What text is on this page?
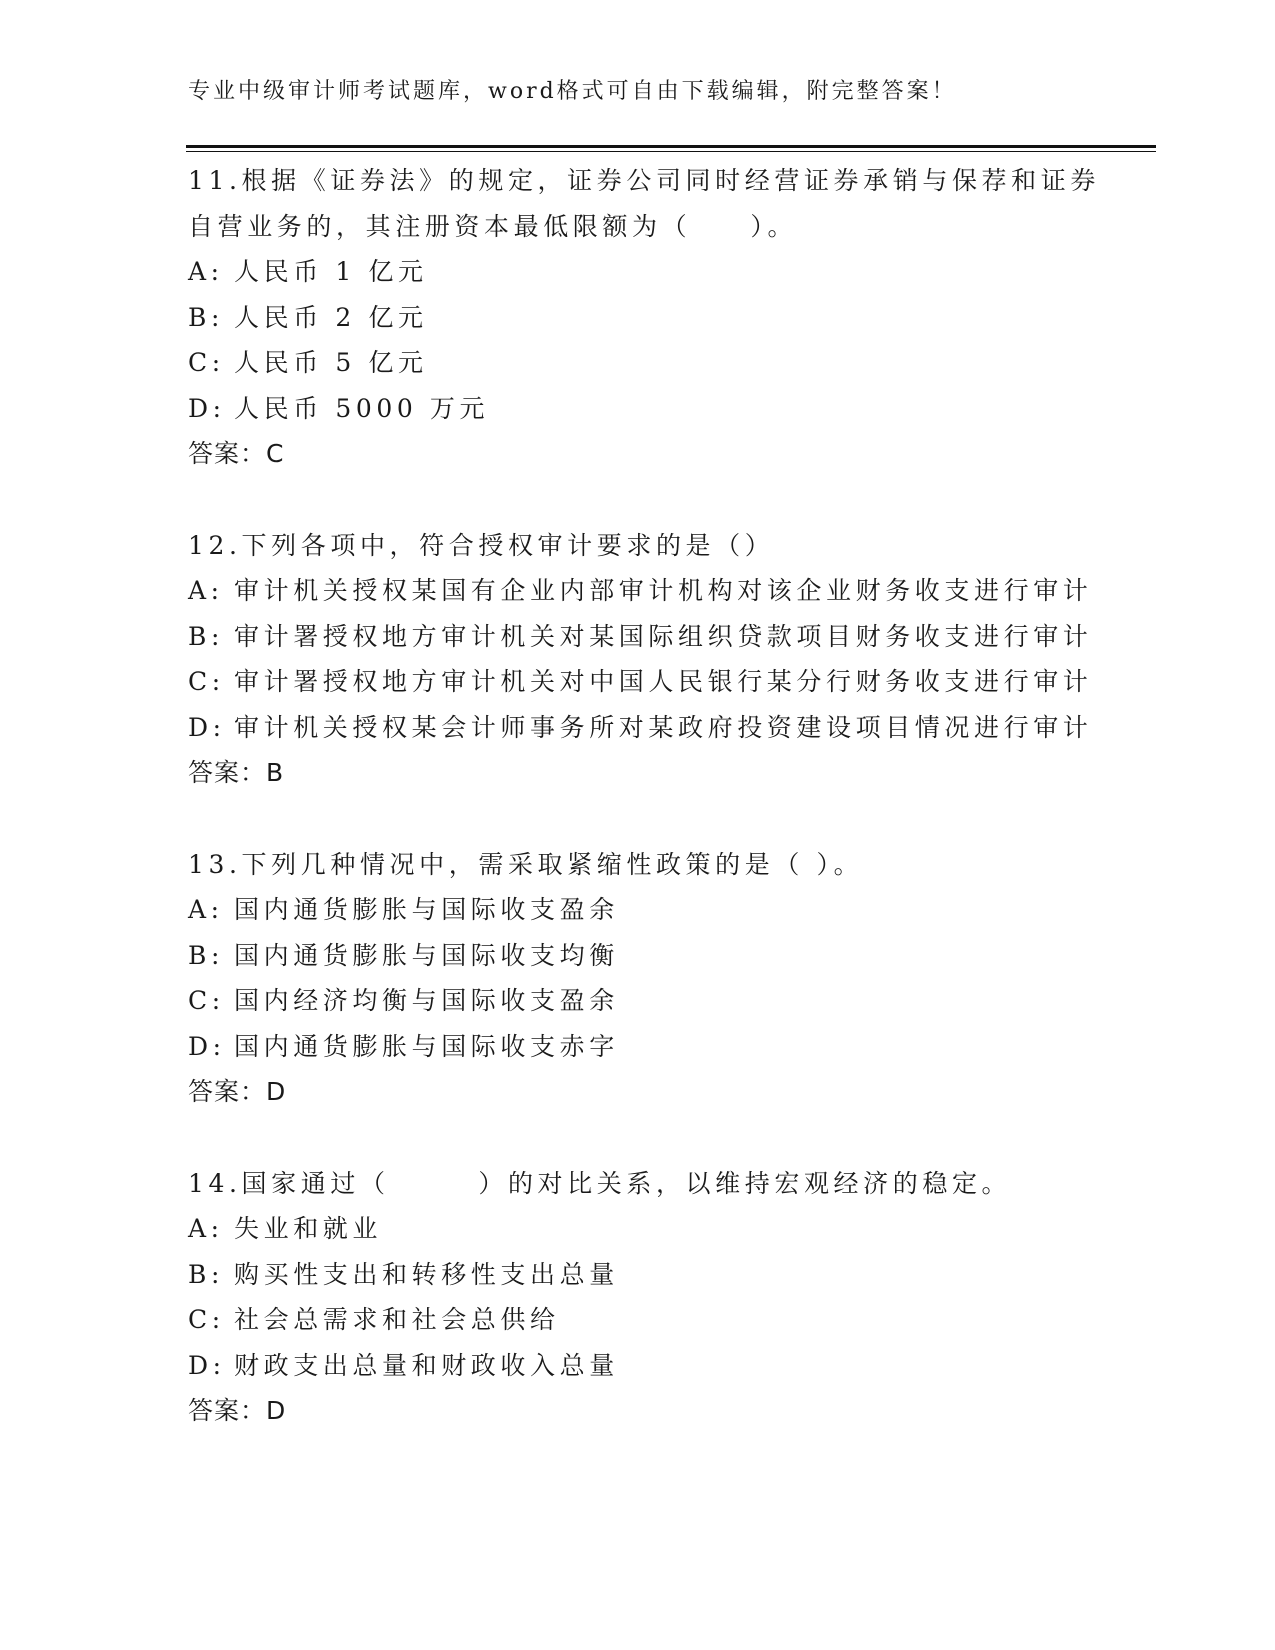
专业中级审计师考试题库，word格式可自由下载编辑，附完整答案！
11.根据《证券法》的规定，证券公司同时经营证券承销与保荐和证券
自营业务的，其注册资本最低限额为（　　）。
A: 人民币 1 亿元
B: 人民币 2 亿元
C: 人民币 5 亿元
D: 人民币 5000 万元
答案：C
12.下列各项中，符合授权审计要求的是（）
A: 审计机关授权某国有企业内部审计机构对该企业财务收支进行审计
B: 审计署授权地方审计机关对某国际组织贷款项目财务收支进行审计
C: 审计署授权地方审计机关对中国人民银行某分行财务收支进行审计
D: 审计机关授权某会计师事务所对某政府投资建设项目情况进行审计
答案：B
13.下列几种情况中，需采取紧缩性政策的是（ ）。
A: 国内通货膨胀与国际收支盈余
B: 国内通货膨胀与国际收支均衡
C: 国内经济均衡与国际收支盈余
D: 国内通货膨胀与国际收支赤字
答案：D
14.国家通过（　　　）的对比关系，以维持宏观经济的稳定。
A: 失业和就业
B: 购买性支出和转移性支出总量
C: 社会总需求和社会总供给
D: 财政支出总量和财政收入总量
答案：D
